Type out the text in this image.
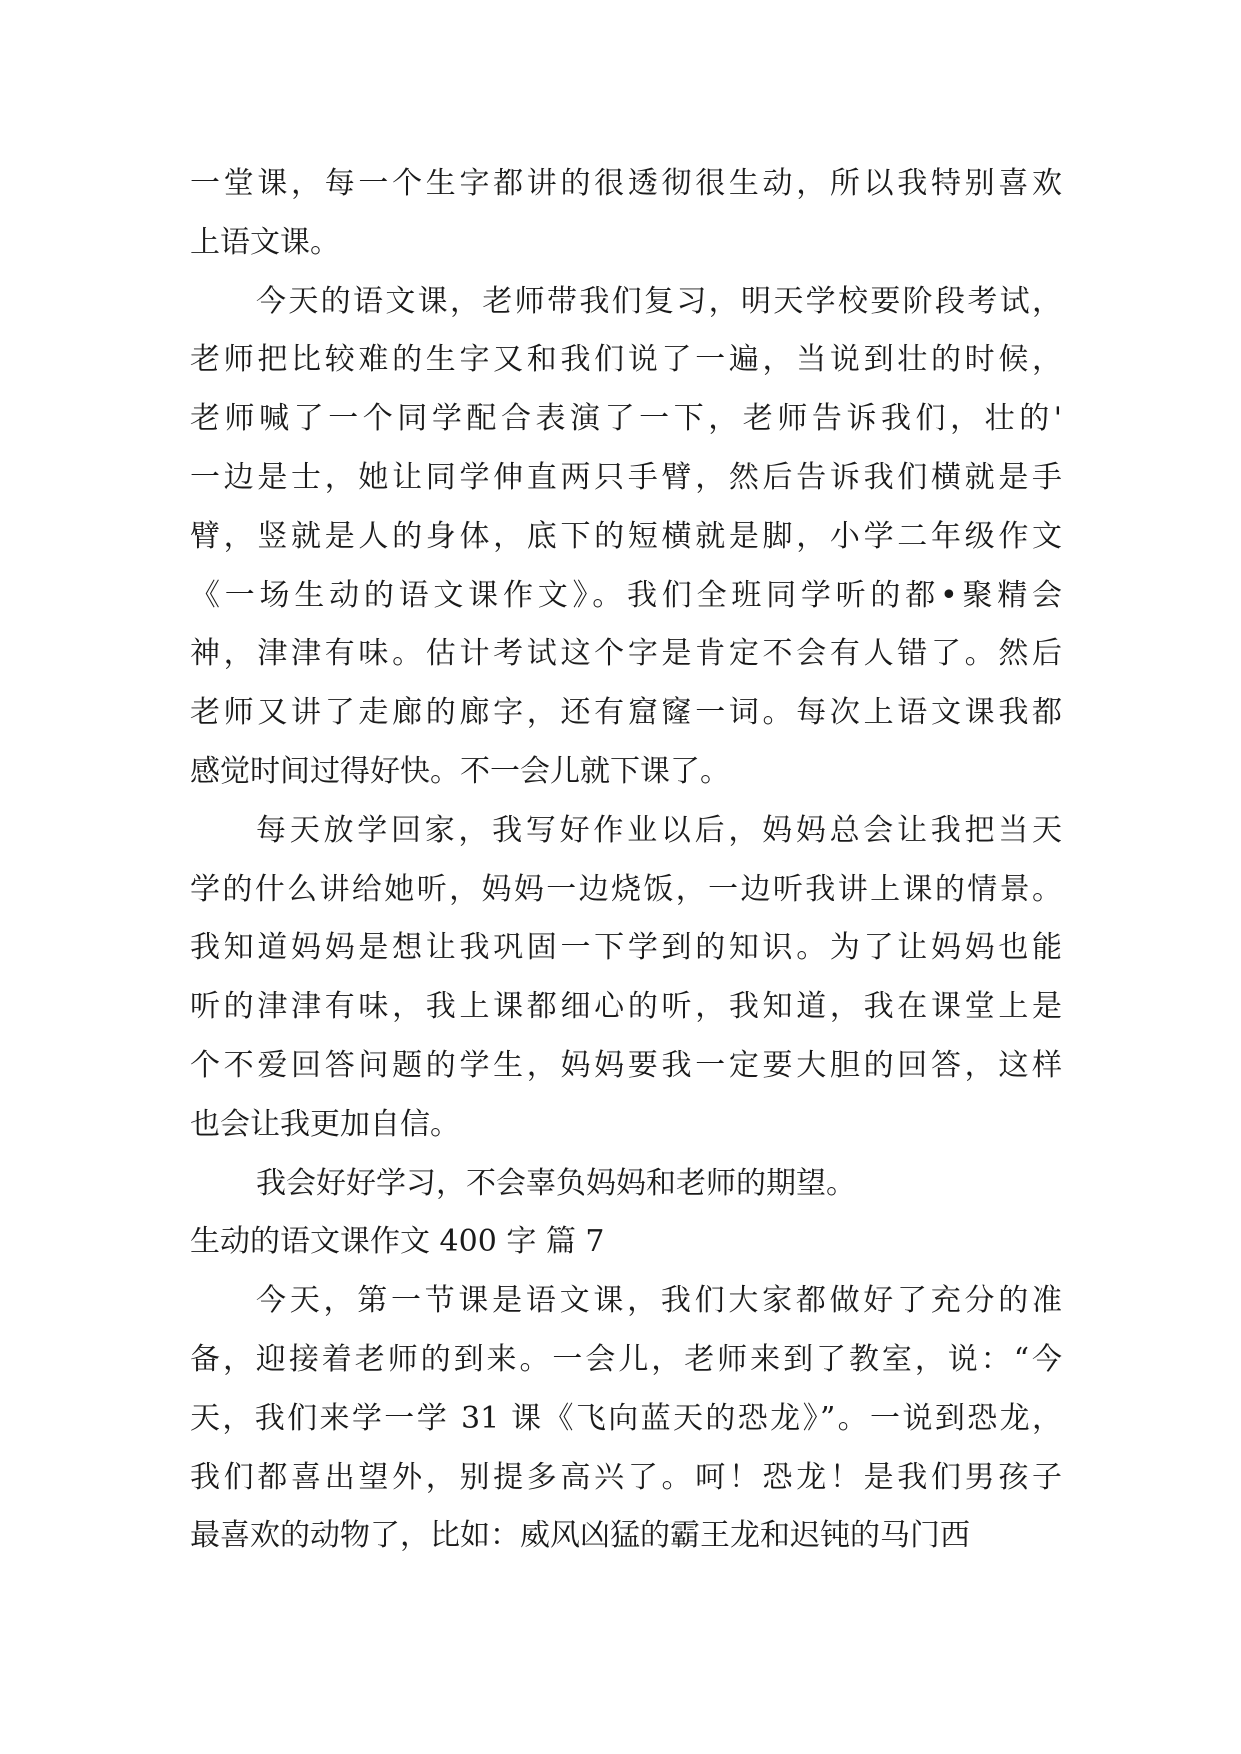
一堂课，每一个生字都讲的很透彻很生动，所以我特别喜欢
上语文课。
今天的语文课，老师带我们复习，明天学校要阶段考试，
老师把比较难的生字又和我们说了一遍，当说到壮的时候，
老师喊了一个同学配合表演了一下，老师告诉我们，壮的'
一边是士，她让同学伸直两只手臂，然后告诉我们横就是手
臂，竖就是人的身体，底下的短横就是脚，小学二年级作文
《一场生动的语文课作文》。我们全班同学听的都•聚精会
神，津津有味。估计考试这个字是肯定不会有人错了。然后
老师又讲了走廊的廊字，还有窟窿一词。每次上语文课我都
感觉时间过得好快。不一会儿就下课了。
每天放学回家，我写好作业以后，妈妈总会让我把当天
学的什么讲给她听，妈妈一边烧饭，一边听我讲上课的情景。
我知道妈妈是想让我巩固一下学到的知识。为了让妈妈也能
听的津津有味，我上课都细心的听，我知道，我在课堂上是
个不爱回答问题的学生，妈妈要我一定要大胆的回答，这样
也会让我更加自信。
我会好好学习，不会辜负妈妈和老师的期望。
生动的语文课作文 400 字 篇 7
今天，第一节课是语文课，我们大家都做好了充分的准
备，迎接着老师的到来。一会儿，老师来到了教室，说：“今
天，我们来学一学 31 课《飞向蓝天的恐龙》”。一说到恐龙，
我们都喜出望外，别提多高兴了。呵！恐龙！是我们男孩子
最喜欢的动物了，比如：威风凶猛的霸王龙和迟钝的马门西
